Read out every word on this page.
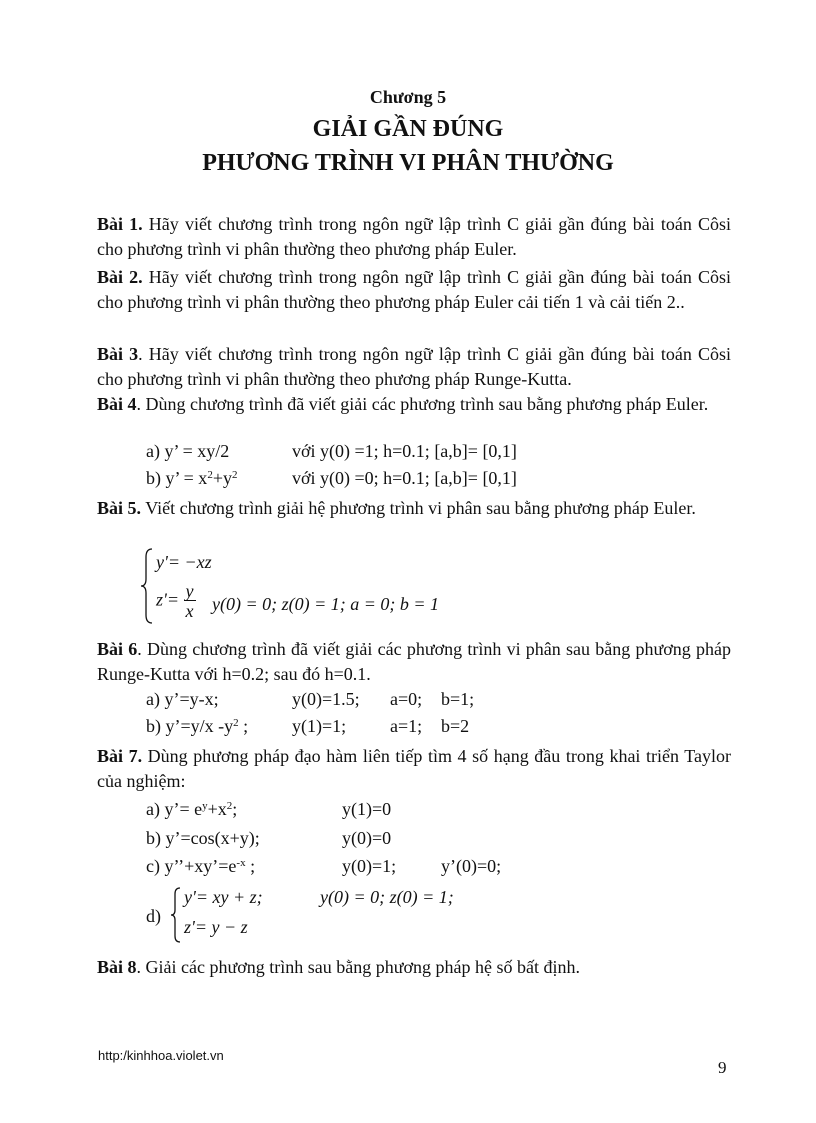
Chương 5
GIẢI GẦN ĐÚNG
PHƯƠNG TRÌNH VI PHÂN THƯỜNG
Bài 1. Hãy viết chương trình trong ngôn ngữ lập trình C giải gần đúng bài toán Côsi cho phương trình vi phân thường theo phương pháp Euler.
Bài 2. Hãy viết chương trình trong ngôn ngữ lập trình C giải gần đúng bài toán Côsi cho phương trình vi phân thường theo phương pháp Euler cải tiến 1 và cải tiến 2..
Bài 3. Hãy viết chương trình trong ngôn ngữ lập trình C giải gần đúng bài toán Côsi cho phương trình vi phân thường theo phương pháp Runge-Kutta.
Bài 4. Dùng chương trình đã viết giải các phương trình sau bằng phương pháp Euler.
a) y’ = xy/2	với y(0) =1; h=0.1; [a,b]= [0,1]
b) y’ = $x^2+y^2$	với y(0) =0; h=0.1; [a,b]= [0,1]
Bài 5. Viết chương trình giải hệ phương trình vi phân sau bằng phương pháp Euler.
y'= −xz
$z'= \frac{y}{x} y(0) = 0$; z(0) = 1; a = 0; b = 1
Bài 6. Dùng chương trình đã viết giải các phương trình vi phân sau bằng phương pháp Runge-Kutta với h=0.2; sau đó h=0.1.
a) y’=y-x;	y(0)=1.5; a=0; b=1;
b) y’=y/x $-y^2$ ; y(1)=1; a=1; b=2
Bài 7. Dùng phương pháp đạo hàm liên tiếp tìm 4 số hạng đầu trong khai triển Taylor của nghiệm:
a) y’= $e^y+x^2$;	y(1)=0
b) y’=cos(x+y);	y(0)=0
c) $y’’+xy’=e^{-x}$ ;	y(0)=1; y’(0)=0;
d)
y'= xy + z;
z'= y − z
y(0) = 0; z(0) = 1;
Bài 8. Giải các phương trình sau bằng phương pháp hệ số bất định.
http:/kinhhoa.violet.vn
9
